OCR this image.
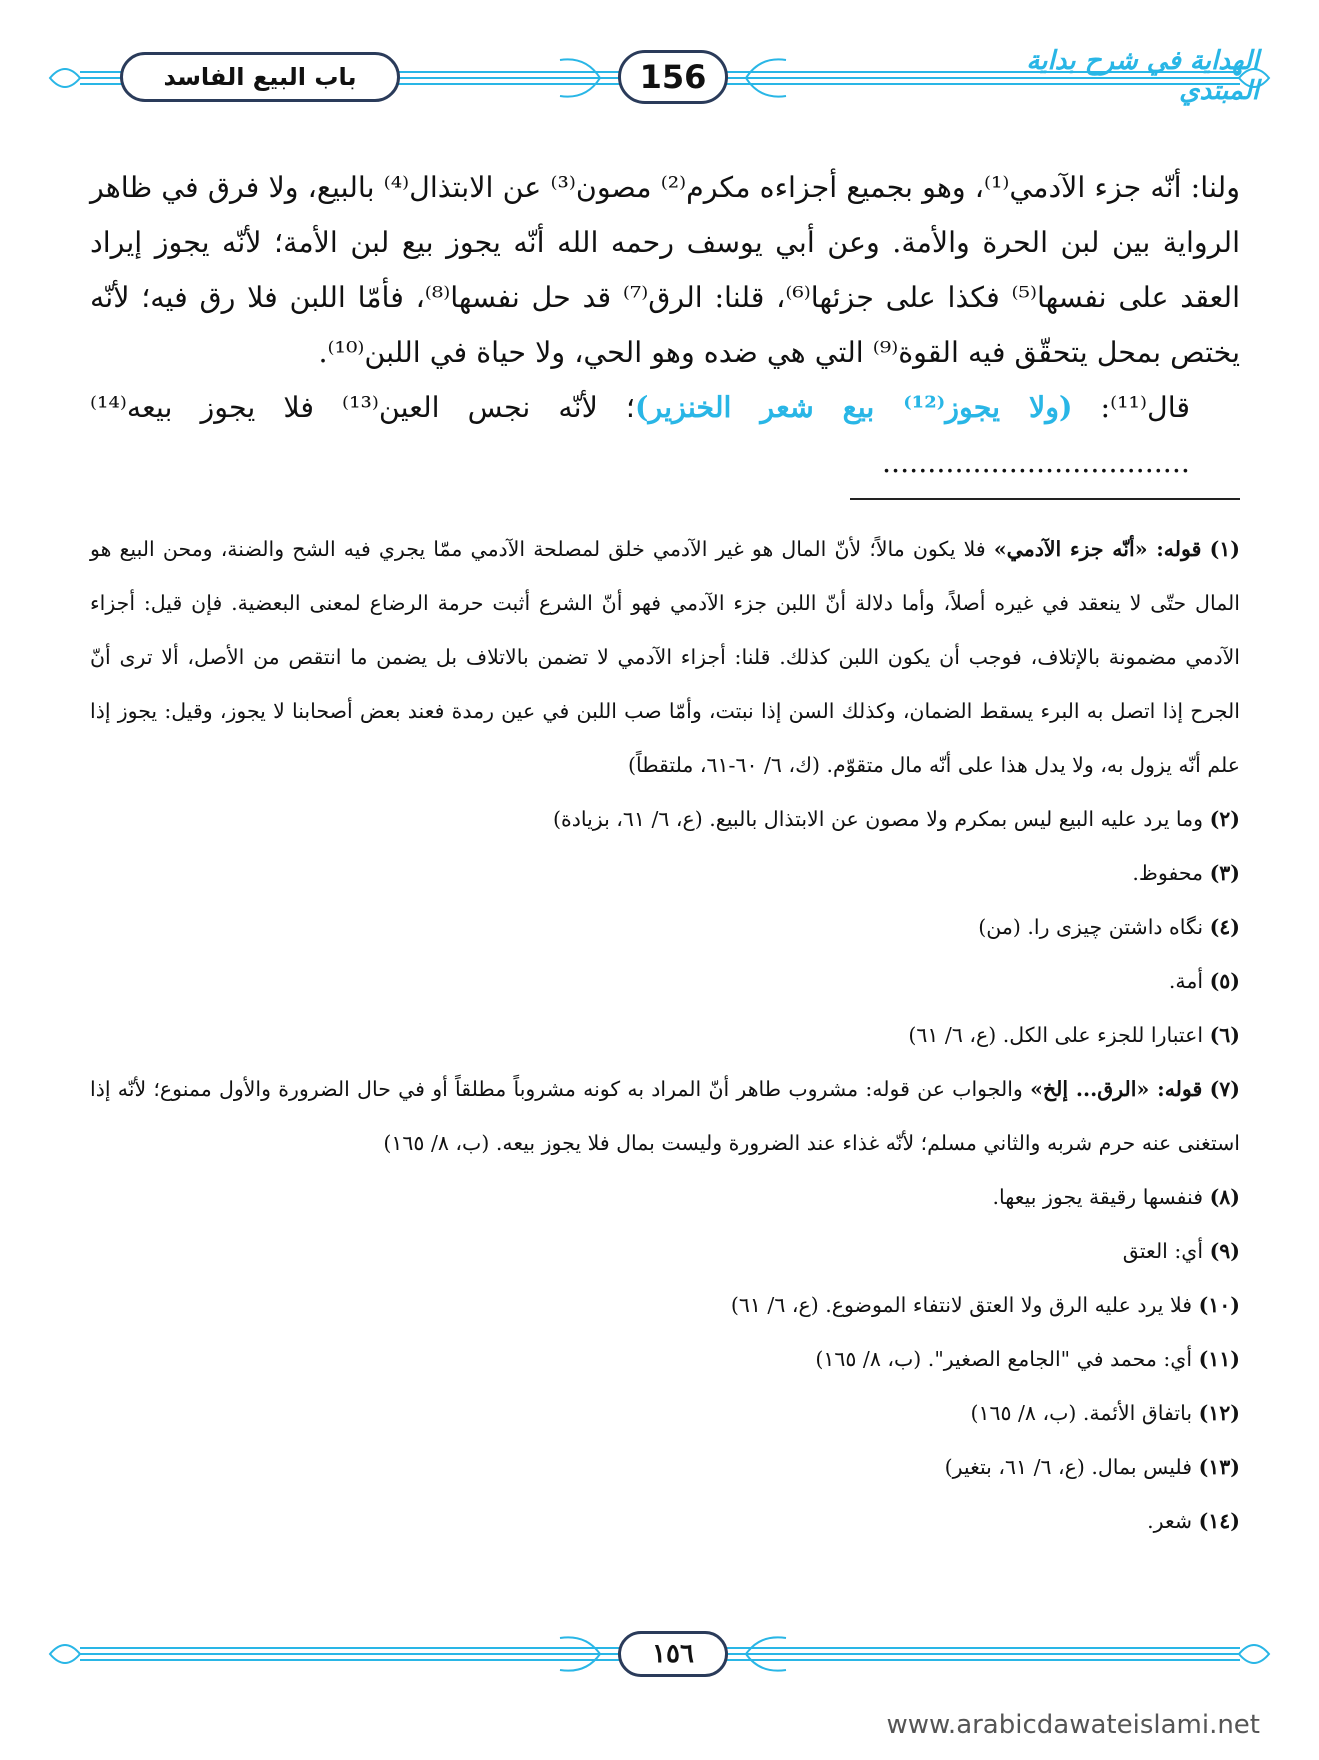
باب البيع الفاسد	156	الهداية في شرح بداية المبتدي

ولنا: أنّه جزء الآدمي⁽¹⁾، وهو بجميع أجزاءه مكرم⁽²⁾ مصون⁽³⁾ عن الابتذال⁽⁴⁾ بالبيع، ولا فرق في ظاهر الرواية بين لبن الحرة والأمة. وعن أبي يوسف رحمه الله أنّه يجوز بيع لبن الأمة؛ لأنّه يجوز إيراد العقد على نفسها⁽⁵⁾ فكذا على جزئها⁽⁶⁾، قلنا: الرق⁽⁷⁾ قد حل نفسها⁽⁸⁾، فأمّا اللبن فلا رق فيه؛ لأنّه يختص بمحل يتحقّق فيه القوة⁽⁹⁾ التي هي ضده وهو الحي، ولا حياة في اللبن⁽¹⁰⁾.

قال⁽¹¹⁾: (ولا يجوز⁽¹²⁾ بيع شعر الخنزير)؛ لأنّه نجس العين⁽¹³⁾ فلا يجوز بيعه⁽¹⁴⁾ ..................................

(١) قوله: «أنّه جزء الآدمي» فلا يكون مالاً؛ لأنّ المال هو غير الآدمي خلق لمصلحة الآدمي ممّا يجري فيه الشح والضنة، ومحن البيع هو المال حتّى لا ينعقد في غيره أصلاً، وأما دلالة أنّ اللبن جزء الآدمي فهو أنّ الشرع أثبت حرمة الرضاع لمعنى البعضية. فإن قيل: أجزاء الآدمي مضمونة بالإتلاف، فوجب أن يكون اللبن كذلك. قلنا: أجزاء الآدمي لا تضمن بالاتلاف بل يضمن ما انتقص من الأصل، ألا ترى أنّ الجرح إذا اتصل به البرء يسقط الضمان، وكذلك السن إذا نبتت، وأمّا صب اللبن في عين رمدة فعند بعض أصحابنا لا يجوز، وقيل: يجوز إذا علم أنّه يزول به، ولا يدل هذا على أنّه مال متقوّم. (ك، ٦/ ٦٠-٦١، ملتقطاً)
(٢) وما يرد عليه البيع ليس بمكرم ولا مصون عن الابتذال بالبيع. (ع، ٦/ ٦١، بزيادة)
(٣) محفوظ.
(٤) نگاه داشتن چیزی را. (من)
(٥) أمة.
(٦) اعتبارا للجزء على الكل. (ع، ٦/ ٦١)
(٧) قوله: «الرق... إلخ» والجواب عن قوله: مشروب طاهر أنّ المراد به كونه مشروباً مطلقاً أو في حال الضرورة والأول ممنوع؛ لأنّه إذا استغنى عنه حرم شربه والثاني مسلم؛ لأنّه غذاء عند الضرورة وليست بمال فلا يجوز بيعه. (ب، ٨/ ١٦٥)
(٨) فنفسها رقيقة يجوز بيعها.
(٩) أي: العتق
(١٠) فلا يرد عليه الرق ولا العتق لانتفاء الموضوع. (ع، ٦/ ٦١)
(١١) أي: محمد في "الجامع الصغير". (ب، ٨/ ١٦٥)
(١٢) باتفاق الأئمة. (ب، ٨/ ١٦٥)
(١٣) فليس بمال. (ع، ٦/ ٦١، بتغير)
(١٤) شعر.
١٥٦
www.arabicdawateislami.net
